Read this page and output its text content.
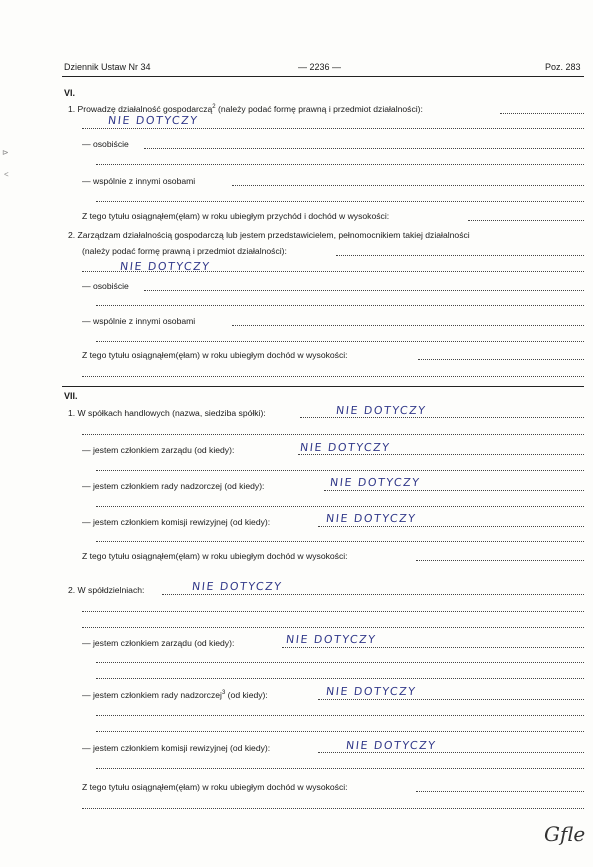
Dziennik Ustaw Nr 34	— 2236 —	Poz. 283
⊳
<
VI.
1. Prowadzę działalność gospodarczą$^2$ (należy podać formę prawną i przedmiot działalności):
NIE DOTYCZY
— osobiście
— wspólnie z innymi osobami
Z tego tytułu osiągnąłem(ęłam) w roku ubiegłym przychód i dochód w wysokości:
2. Zarządzam działalnością gospodarczą lub jestem przedstawicielem, pełnomocnikiem takiej działalności
(należy podać formę prawną i przedmiot działalności):
NIE DOTYCZY
— osobiście
— wspólnie z innymi osobami
Z tego tytułu osiągnąłem(ęłam) w roku ubiegłym dochód w wysokości:
VII.
1. W spółkach handlowych (nazwa, siedziba spółki):	NIE DOTYCZY
— jestem członkiem zarządu (od kiedy):	NIE DOTYCZY
— jestem członkiem rady nadzorczej (od kiedy):	NIE DOTYCZY
— jestem członkiem komisji rewizyjnej (od kiedy):	NIE DOTYCZY
Z tego tytułu osiągnąłem(ęłam) w roku ubiegłym dochód w wysokości:
2. W spółdzielniach:	NIE DOTYCZY
— jestem członkiem zarządu (od kiedy):	NIE DOTYCZY
— jestem członkiem rady nadzorczej$^3$ (od kiedy):	NIE DOTYCZY
— jestem członkiem komisji rewizyjnej (od kiedy):	NIE DOTYCZY
Z tego tytułu osiągnąłem(ęłam) w roku ubiegłym dochód w wysokości:
Gfle
